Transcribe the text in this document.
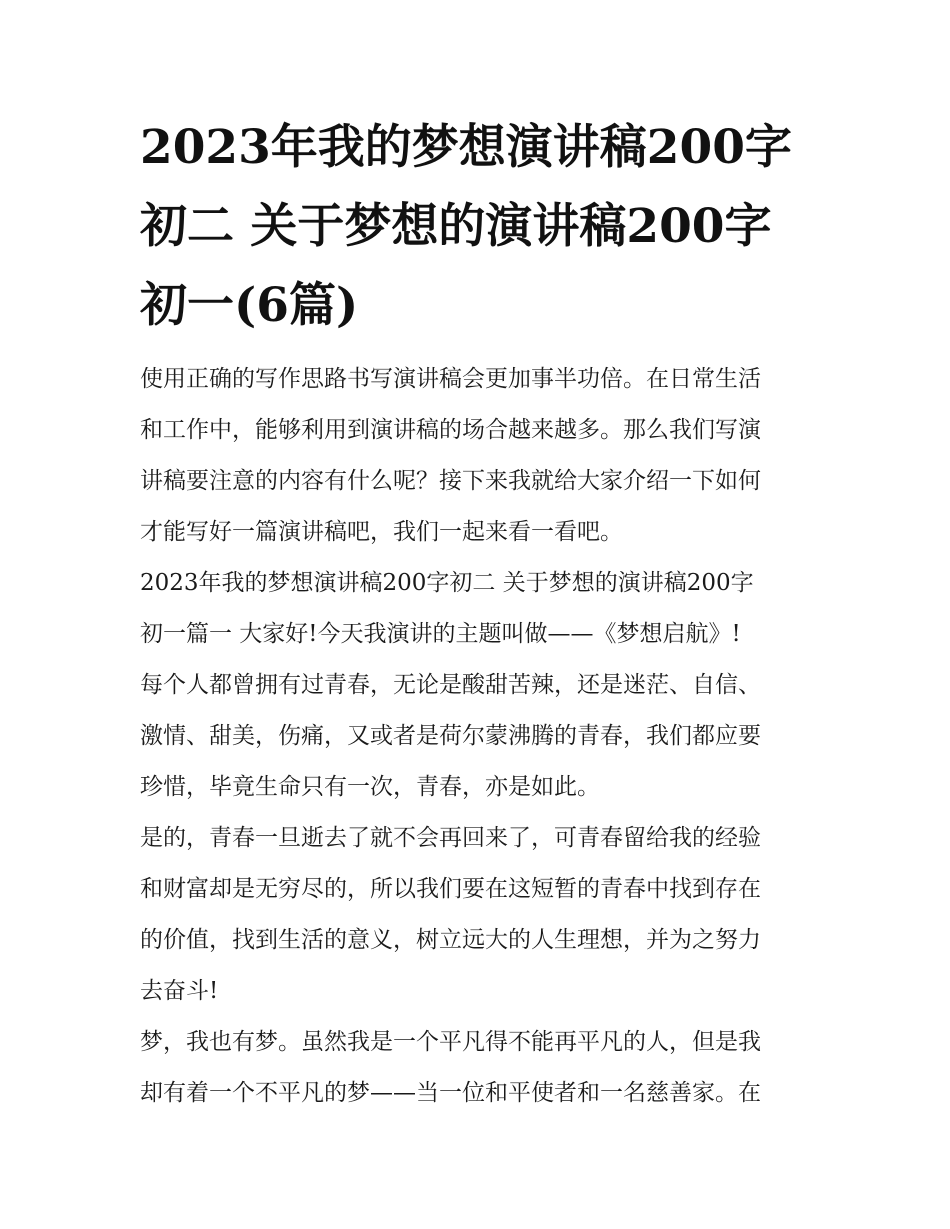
2023年我的梦想演讲稿200字
初二 关于梦想的演讲稿200字
初一(6篇)
使用正确的写作思路书写演讲稿会更加事半功倍。在日常生活
和工作中，能够利用到演讲稿的场合越来越多。那么我们写演
讲稿要注意的内容有什么呢？接下来我就给大家介绍一下如何
才能写好一篇演讲稿吧，我们一起来看一看吧。
2023年我的梦想演讲稿200字初二 关于梦想的演讲稿200字
初一篇一 大家好!今天我演讲的主题叫做——《梦想启航》!
每个人都曾拥有过青春，无论是酸甜苦辣，还是迷茫、自信、
激情、甜美，伤痛，又或者是荷尔蒙沸腾的青春，我们都应要
珍惜，毕竟生命只有一次，青春，亦是如此。
是的，青春一旦逝去了就不会再回来了，可青春留给我的经验
和财富却是无穷尽的，所以我们要在这短暂的青春中找到存在
的价值，找到生活的意义，树立远大的人生理想，并为之努力
去奋斗!
梦，我也有梦。虽然我是一个平凡得不能再平凡的人，但是我
却有着一个不平凡的梦——当一位和平使者和一名慈善家。在
